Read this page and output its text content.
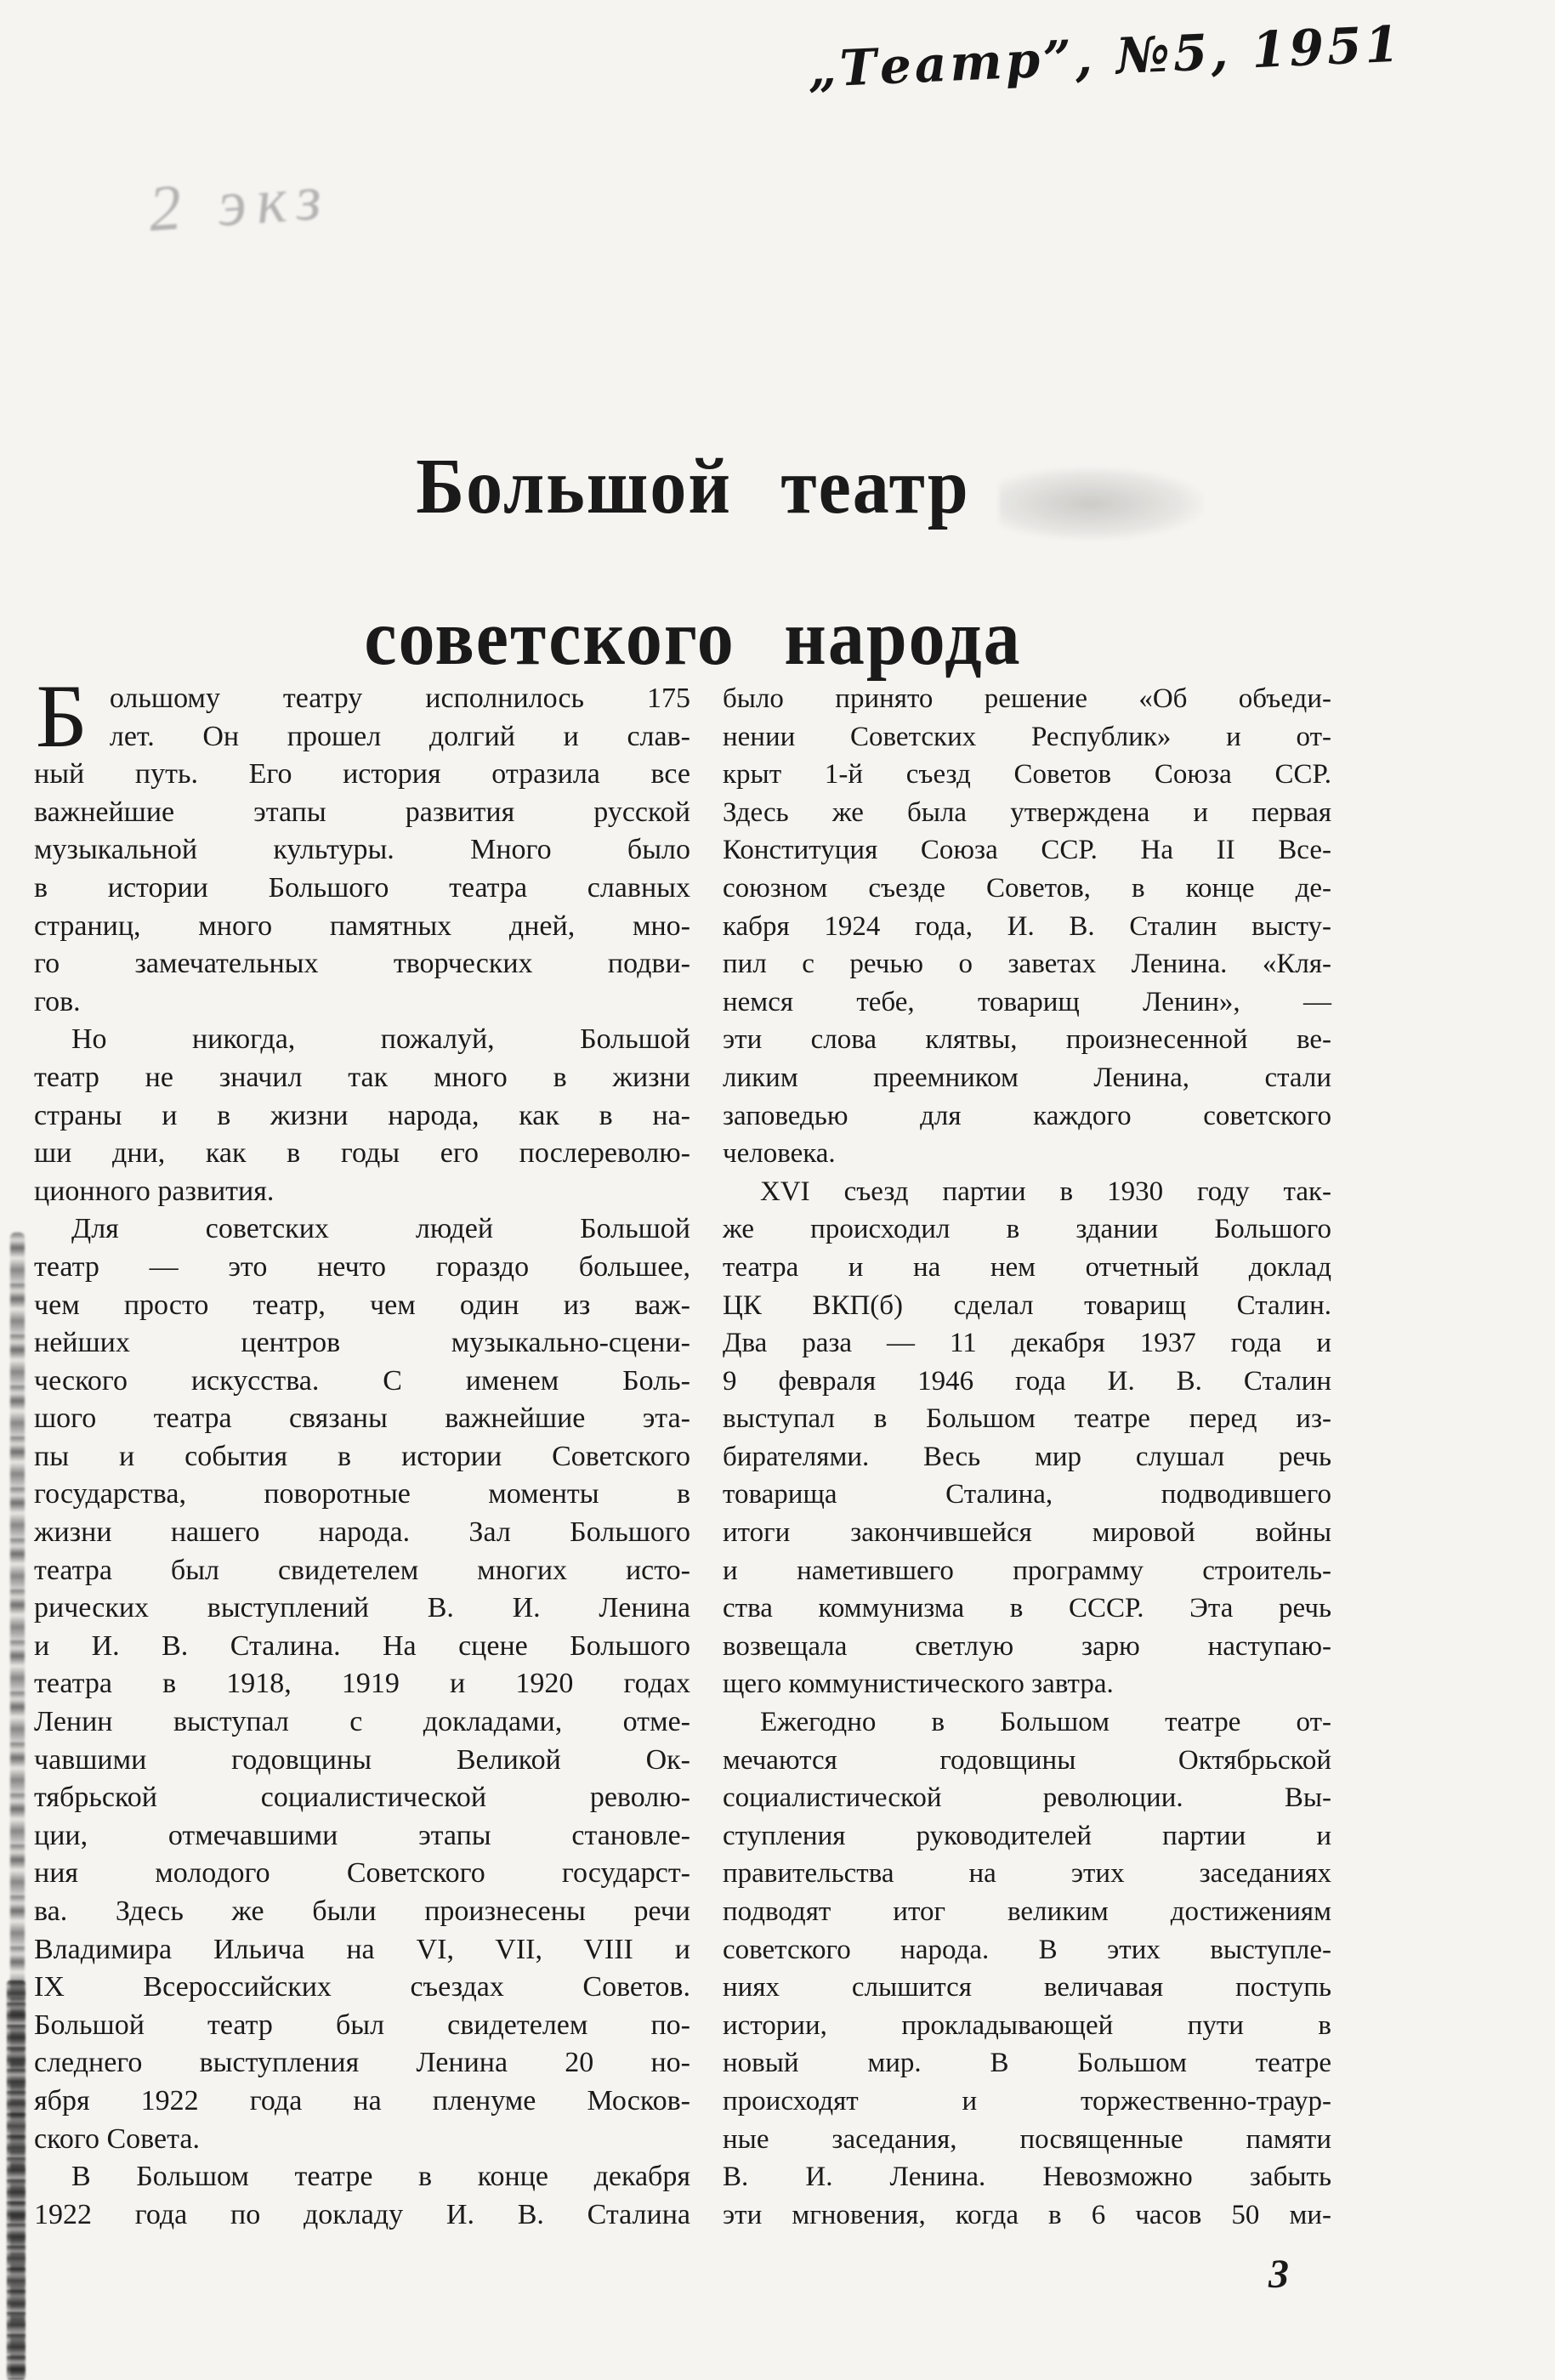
„Театр”, №5, 1951
2 экз
Большой театр
советского народа
Б ольшому театру исполнилось 175
лет. Он прошел долгий и слав-
ный путь. Его история отразила все
важнейшие этапы развития русской
музыкальной культуры. Много было
в истории Большого театра славных
страниц, много памятных дней, мно-
го замечательных творческих подви-
гов.
Но никогда, пожалуй, Большой
театр не значил так много в жизни
страны и в жизни народа, как в на-
ши дни, как в годы его послереволю-
ционного развития.
Для советских людей Большой
театр — это нечто гораздо большее,
чем просто театр, чем один из важ-
нейших центров музыкально-сцени-
ческого искусства. С именем Боль-
шого театра связаны важнейшие эта-
пы и события в истории Советского
государства, поворотные моменты в
жизни нашего народа. Зал Большого
театра был свидетелем многих исто-
рических выступлений В. И. Ленина
и И. В. Сталина. На сцене Большого
театра в 1918, 1919 и 1920 годах
Ленин выступал с докладами, отме-
чавшими годовщины Великой Ок-
тябрьской социалистической револю-
ции, отмечавшими этапы становле-
ния молодого Советского государст-
ва. Здесь же были произнесены речи
Владимира Ильича на VI, VII, VIII и
IX Всероссийских съездах Советов.
Большой театр был свидетелем по-
следнего выступления Ленина 20 но-
ября 1922 года на пленуме Москов-
ского Совета.
В Большом театре в конце декабря
1922 года по докладу И. В. Сталина
было принято решение «Об объеди-
нении Советских Республик» и от-
крыт 1-й съезд Советов Союза ССР.
Здесь же была утверждена и первая
Конституция Союза ССР. На II Все-
союзном съезде Советов, в конце де-
кабря 1924 года, И. В. Сталин высту-
пил с речью о заветах Ленина. «Кля-
немся тебе, товарищ Ленин», —
эти слова клятвы, произнесенной ве-
ликим преемником Ленина, стали
заповедью для каждого советского
человека.
XVI съезд партии в 1930 году так-
же происходил в здании Большого
театра и на нем отчетный доклад
ЦК ВКП(б) сделал товарищ Сталин.
Два раза — 11 декабря 1937 года и
9 февраля 1946 года И. В. Сталин
выступал в Большом театре перед из-
бирателями. Весь мир слушал речь
товарища Сталина, подводившего
итоги закончившейся мировой войны
и наметившего программу строитель-
ства коммунизма в СССР. Эта речь
возвещала светлую зарю наступаю-
щего коммунистического завтра.
Ежегодно в Большом театре от-
мечаются годовщины Октябрьской
социалистической революции. Вы-
ступления руководителей партии и
правительства на этих заседаниях
подводят итог великим достижениям
советского народа. В этих выступле-
ниях слышится величавая поступь
истории, прокладывающей пути в
новый мир. В Большом театре
происходят и торжественно-траур-
ные заседания, посвященные памяти
В. И. Ленина. Невозможно забыть
эти мгновения, когда в 6 часов 50 ми-
3
